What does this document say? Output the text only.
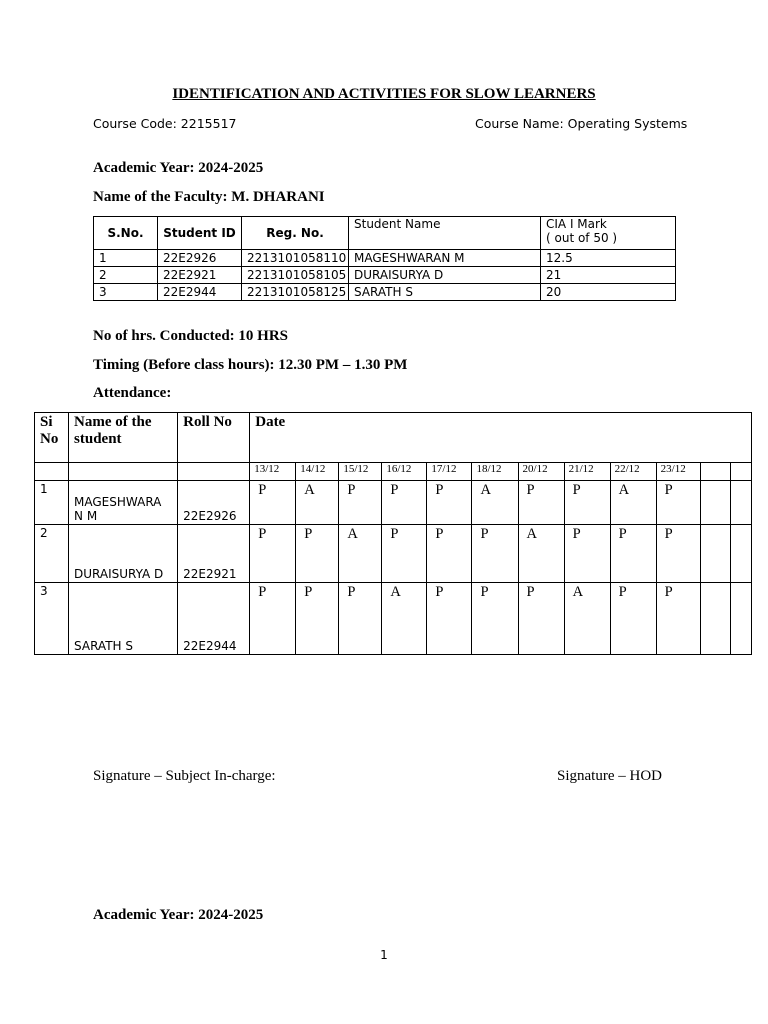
IDENTIFICATION AND ACTIVITIES FOR SLOW LEARNERS
Course Code: 2215517	Course Name: Operating Systems
Academic Year: 2024-2025
Name of the Faculty: M. DHARANI
S.No.	Student ID	Reg. No.	Student Name	CIA I Mark
( out of 50 )

1	22E2926	2213101058110	MAGESHWARAN M	12.5
2	22E2921	2213101058105	DURAISURYA D	21
3	22E2944	2213101058125	SARATH S	20
No of hrs. Conducted: 10 HRS
Timing (Before class hours): 12.30 PM – 1.30 PM
Attendance:
Si No	Name of the student	Roll No	Date											
			13/12	14/12	15/12	16/12	17/12	18/12	20/12	21/12	22/12	23/12		
1	MAGESHWARA N M	22E2926	P	A	P	P	P	A	P	P	A	P		
2	DURAISURYA D	22E2921	P	P	A	P	P	P	A	P	P	P		
3	SARATH S	22E2944	P	P	P	A	P	P	P	A	P	P		
Signature – Subject In-charge:	Signature – HOD
Academic Year: 2024-2025
1
